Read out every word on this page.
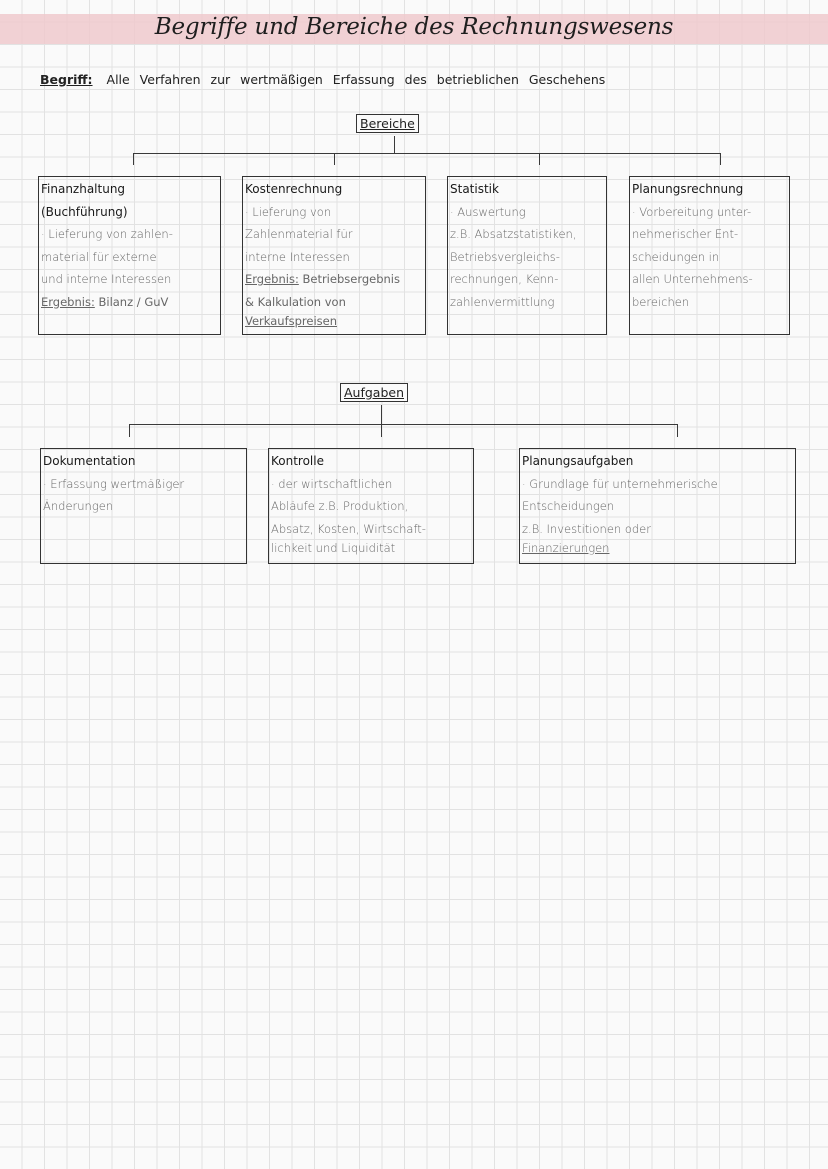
Begriffe und Bereiche des Rechnungswesens
Begriff: Alle Verfahren zur wertmäßigen Erfassung des betrieblichen Geschehens
Bereiche
Finanzhaltung
(Buchführung)
· Lieferung von zahlen-
material für externe
und interne Interessen
Ergebnis: Bilanz / GuV
Kostenrechnung
· Lieferung von
Zahlenmaterial für
interne Interessen
Ergebnis: Betriebsergebnis
& Kalkulation von
Verkaufspreisen
Statistik
· Auswertung
z.B. Absatzstatistiken,
Betriebsvergleichs-
rechnungen, Kenn-
zahlenvermittlung
Planungsrechnung
· Vorbereitung unter-
nehmerischer Ent-
scheidungen in
allen Unternehmens-
bereichen
Aufgaben
Dokumentation
· Erfassung wertmäßiger
Änderungen
Kontrolle
· der wirtschaftlichen
Abläufe z.B. Produktion,
Absatz, Kosten, Wirtschaft-
lichkeit und Liquidität
Planungsaufgaben
· Grundlage für unternehmerische
Entscheidungen
z.B. Investitionen oder
Finanzierungen
